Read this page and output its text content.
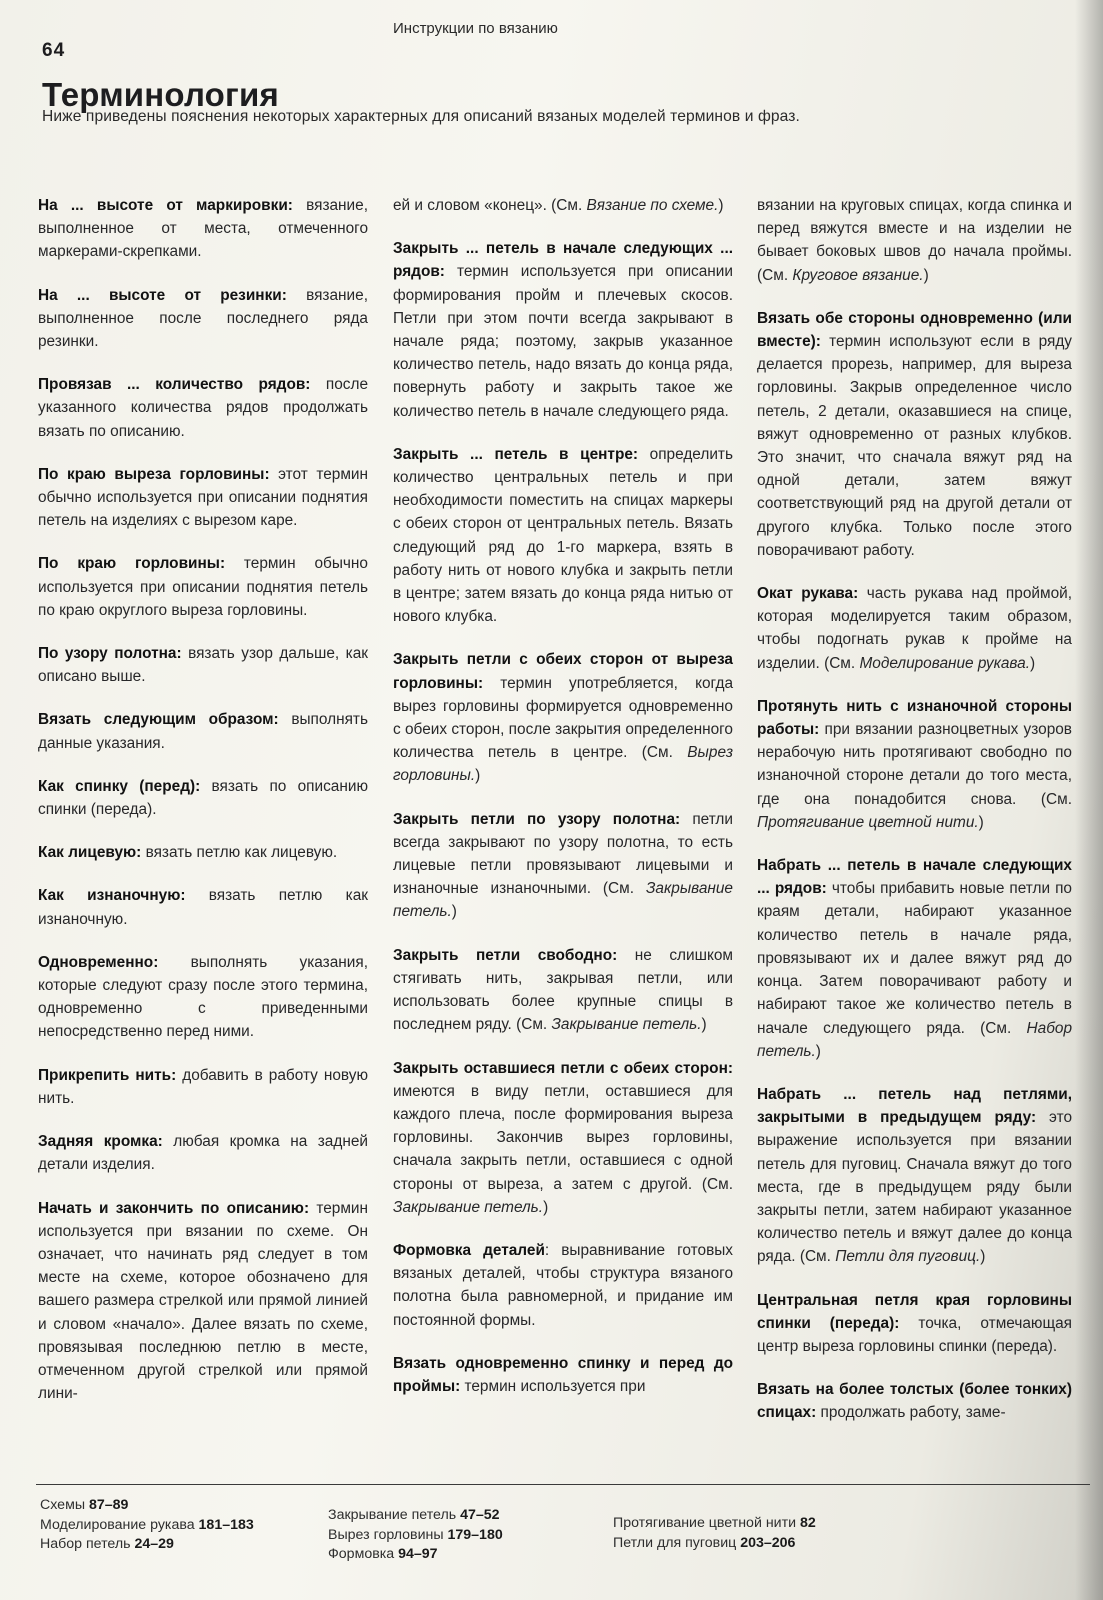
64
Инструкции по вязанию
Терминология
Ниже приведены пояснения некоторых характерных для описаний вязаных моделей терминов и фраз.

На ... высоте от маркировки: вязание, выполненное от места, отмеченного маркерами-скрепками.

На ... высоте от резинки: вязание, выполненное после последнего ряда резинки.

Провязав ... количество рядов: после указанного количества рядов продолжать вязать по описанию.

По краю выреза горловины: этот термин обычно используется при описании поднятия петель на изделиях с вырезом каре.

По краю горловины: термин обычно используется при описании поднятия петель по краю округлого выреза горловины.

По узору полотна: вязать узор дальше, как описано выше.

Вязать следующим образом: выполнять данные указания.

Как спинку (перед): вязать по описанию спинки (переда).

Как лицевую: вязать петлю как лицевую.

Как изнаночную: вязать петлю как изнаночную.

Одновременно: выполнять указания, которые следуют сразу после этого термина, одновременно с приведенными непосредственно перед ними.

Прикрепить нить: добавить в работу новую нить.

Задняя кромка: любая кромка на задней детали изделия.

Начать и закончить по описанию: термин используется при вязании по схеме. Он означает, что начинать ряд следует в том месте на схеме, которое обозначено для вашего размера стрелкой или прямой линией и словом «начало». Далее вязать по схеме, провязывая последнюю петлю в месте, отмеченном другой стрелкой или прямой лини-

ей и словом «конец». (См. Вязание по схеме.)

Закрыть ... петель в начале следующих ... рядов: термин используется при описании формирования пройм и плечевых скосов. Петли при этом почти всегда закрывают в начале ряда; поэтому, закрыв указанное количество петель, надо вязать до конца ряда, повернуть работу и закрыть такое же количество петель в начале следующего ряда.

Закрыть ... петель в центре: определить количество центральных петель и при необходимости поместить на спицах маркеры с обеих сторон от центральных петель. Вязать следующий ряд до 1-го маркера, взять в работу нить от нового клубка и закрыть петли в центре; затем вязать до конца ряда нитью от нового клубка.

Закрыть петли с обеих сторон от выреза горловины: термин употребляется, когда вырез горловины формируется одновременно с обеих сторон, после закрытия определенного количества петель в центре. (См. Вырез горловины.)

Закрыть петли по узору полотна: петли всегда закрывают по узору полотна, то есть лицевые петли провязывают лицевыми и изнаночные изнаночными. (См. Закрывание петель.)

Закрыть петли свободно: не слишком стягивать нить, закрывая петли, или использовать более крупные спицы в последнем ряду. (См. Закрывание петель.)

Закрыть оставшиеся петли с обеих сторон: имеются в виду петли, оставшиеся для каждого плеча, после формирования выреза горловины. Закончив вырез горловины, сначала закрыть петли, оставшиеся с одной стороны от выреза, а затем с другой. (См. Закрывание петель.)

Формовка деталей: выравнивание готовых вязаных деталей, чтобы структура вязаного полотна была равномерной, и придание им постоянной формы.

Вязать одновременно спинку и перед до проймы: термин используется при

вязании на круговых спицах, когда спинка и перед вяжутся вместе и на изделии не бывает боковых швов до начала проймы. (См. Круговое вязание.)

Вязать обе стороны одновременно (или вместе): термин используют если в ряду делается прорезь, например, для выреза горловины. Закрыв определенное число петель, 2 детали, оказавшиеся на спице, вяжут одновременно от разных клубков. Это значит, что сначала вяжут ряд на одной детали, затем вяжут соответствующий ряд на другой детали от другого клубка. Только после этого поворачивают работу.

Окат рукава: часть рукава над проймой, которая моделируется таким образом, чтобы подогнать рукав к пройме на изделии. (См. Моделирование рукава.)

Протянуть нить с изнаночной стороны работы: при вязании разноцветных узоров нерабочую нить протягивают свободно по изнаночной стороне детали до того места, где она понадобится снова. (См. Протягивание цветной нити.)

Набрать ... петель в начале следующих ... рядов: чтобы прибавить новые петли по краям детали, набирают указанное количество петель в начале ряда, провязывают их и далее вяжут ряд до конца. Затем поворачивают работу и набирают такое же количество петель в начале следующего ряда. (См. Набор петель.)

Набрать ... петель над петлями, закрытыми в предыдущем ряду: это выражение используется при вязании петель для пуговиц. Сначала вяжут до того места, где в предыдущем ряду были закрыты петли, затем набирают указанное количество петель и вяжут далее до конца ряда. (См. Петли для пуговиц.)

Центральная петля края горловины спинки (переда): точка, отмечающая центр выреза горловины спинки (переда).

Вязать на более толстых (более тонких) спицах: продолжать работу, заме-

Схемы 87–89
Моделирование рукава 181–183
Набор петель 24–29
Закрывание петель 47–52
Вырез горловины 179–180
Формовка 94–97
Протягивание цветной нити 82
Петли для пуговиц 203–206
